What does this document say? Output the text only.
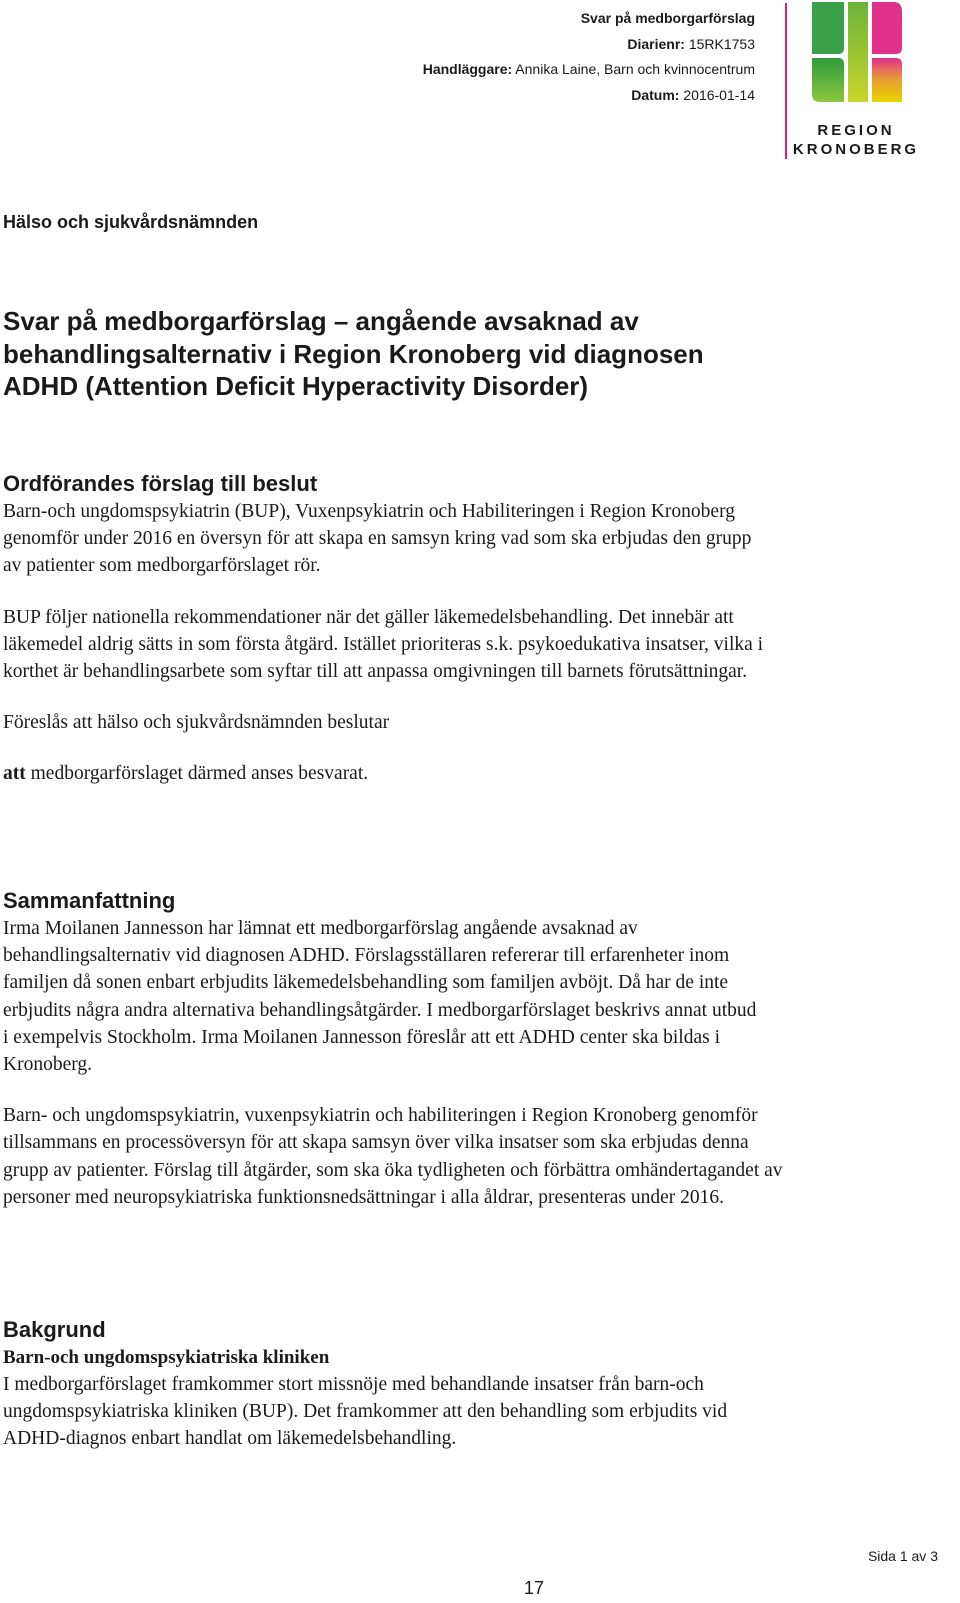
Svar på medborgarförslag
Diarienr: 15RK1753
Handläggare: Annika Laine, Barn och kvinnocentrum
Datum: 2016-01-14
REGION
KRONOBERG
Hälso och sjukvårdsnämnden
Svar på medborgarförslag – angående avsaknad av
behandlingsalternativ i Region Kronoberg vid diagnosen
ADHD (Attention Deficit Hyperactivity Disorder)
Ordförandes förslag till beslut

Barn-och ungdomspsykiatrin (BUP), Vuxenpsykiatrin och Habiliteringen i Region Kronoberg genomför under 2016 en översyn för att skapa en samsyn kring vad som ska erbjudas den grupp av patienter som medborgarförslaget rör.

BUP följer nationella rekommendationer när det gäller läkemedelsbehandling. Det innebär att läkemedel aldrig sätts in som första åtgärd. Istället prioriteras s.k. psykoedukativa insatser, vilka i korthet är behandlingsarbete som syftar till att anpassa omgivningen till barnets förutsättningar.

Föreslås att hälso och sjukvårdsnämnden beslutar

att medborgarförslaget därmed anses besvarat.

Sammanfattning

Irma Moilanen Jannesson har lämnat ett medborgarförslag angående avsaknad av behandlingsalternativ vid diagnosen ADHD. Förslagsställaren refererar till erfarenheter inom familjen då sonen enbart erbjudits läkemedelsbehandling som familjen avböjt. Då har de inte erbjudits några andra alternativa behandlingsåtgärder. I medborgarförslaget beskrivs annat utbud i exempelvis Stockholm. Irma Moilanen Jannesson föreslår att ett ADHD center ska bildas i Kronoberg.

Barn- och ungdomspsykiatrin, vuxenpsykiatrin och habiliteringen i Region Kronoberg genomför tillsammans en processöversyn för att skapa samsyn över vilka insatser som ska erbjudas denna grupp av patienter. Förslag till åtgärder, som ska öka tydligheten och förbättra omhändertagandet av personer med neuropsykiatriska funktionsnedsättningar i alla åldrar, presenteras under 2016.

Bakgrund
Barn-och ungdomspsykiatriska kliniken

I medborgarförslaget framkommer stort missnöje med behandlande insatser från barn-och ungdomspsykiatriska kliniken (BUP). Det framkommer att den behandling som erbjudits vid ADHD-diagnos enbart handlat om läkemedelsbehandling.

Sida 1 av 3
17
